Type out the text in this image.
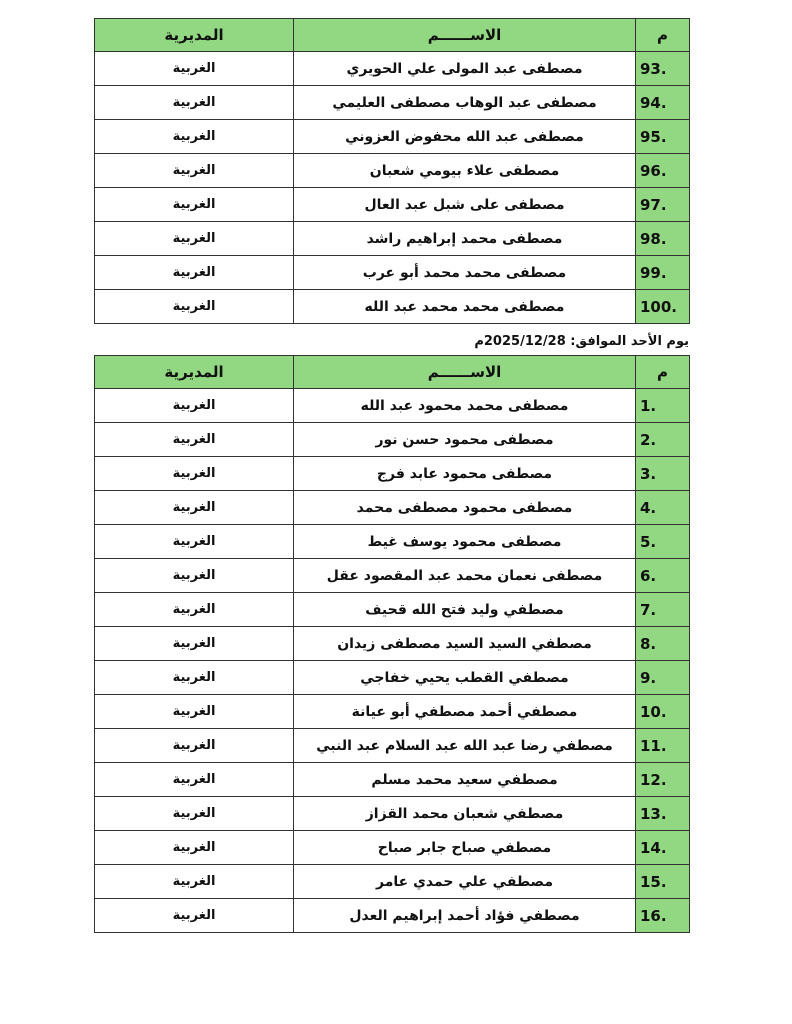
م	الاســــــم	المديرية
93.	مصطفى عبد المولى علي الحويري	الغربية
94.	مصطفى عبد الوهاب مصطفى العليمي	الغربية
95.	مصطفى عبد الله محفوض العزوني	الغربية
96.	مصطفى علاء بيومي شعبان	الغربية
97.	مصطفى على شبل عبد العال	الغربية
98.	مصطفى محمد إبراهيم راشد	الغربية
99.	مصطفى محمد محمد أبو عرب	الغربية
100.	مصطفى محمد محمد عبد الله	الغربية
يوم الأحد الموافق: 2025/12/28م
م	الاســــــم	المديرية
1.	مصطفى محمد محمود عبد الله	الغربية
2.	مصطفى محمود حسن نور	الغربية
3.	مصطفى محمود عابد فرج	الغربية
4.	مصطفى محمود مصطفى محمد	الغربية
5.	مصطفى محمود يوسف غيط	الغربية
6.	مصطفى نعمان محمد عبد المقصود عقل	الغربية
7.	مصطفي وليد فتح الله قحيف	الغربية
8.	مصطفي السيد السيد مصطفى زيدان	الغربية
9.	مصطفي القطب يحيي خفاجي	الغربية
10.	مصطفي أحمد مصطفي أبو عيانة	الغربية
11.	مصطفي رضا عبد الله عبد السلام عبد النبي	الغربية
12.	مصطفي سعيد محمد مسلم	الغربية
13.	مصطفي شعبان محمد القزاز	الغربية
14.	مصطفي صباح جابر صباح	الغربية
15.	مصطفي علي حمدي عامر	الغربية
16.	مصطفي فؤاد أحمد إبراهيم العدل	الغربية
